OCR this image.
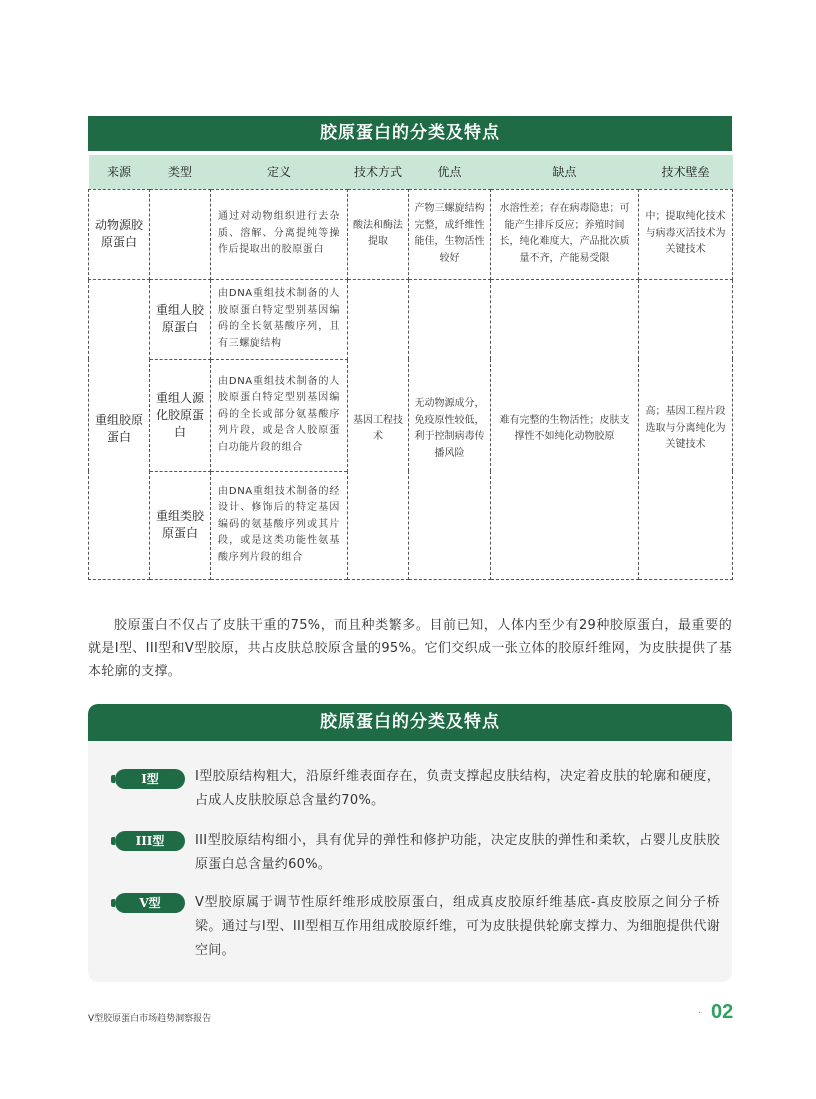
胶原蛋白的分类及特点
来源	类型	定义	技术方式	优点	缺点	技术壁垒
动物源胶原蛋白		通过对动物组织进行去杂质、溶解、分离提纯等操作后提取出的胶原蛋白	酸法和酶法提取	产物三螺旋结构完整，成纤维性能佳，生物活性较好	水溶性差；存在病毒隐患；可能产生排斥反应；养殖时间长，纯化难度大，产品批次质量不齐，产能易受限	中；提取纯化技术与病毒灭活技术为关键技术
重组胶原蛋白	重组人胶原蛋白	由DNA重组技术制备的人胶原蛋白特定型别基因编码的全长氨基酸序列，且有三螺旋结构	基因工程技术	无动物源成分，免疫原性较低，利于控制病毒传播风险	难有完整的生物活性；皮肤支撑性不如纯化动物胶原	高；基因工程片段选取与分离纯化为关键技术
	重组人源化胶原蛋白	由DNA重组技术制备的人胶原蛋白特定型别基因编码的全长或部分氨基酸序列片段，或是含人胶原蛋白功能片段的组合				
	重组类胶原蛋白	由DNA重组技术制备的经设计、修饰后的特定基因编码的氨基酸序列或其片段，或是这类功能性氨基酸序列片段的组合				

胶原蛋白不仅占了皮肤干重的75%，而且种类繁多。目前已知，人体内至少有29种胶原蛋白，最重要的就是I型、III型和V型胶原，共占皮肤总胶原含量的95%。它们交织成一张立体的胶原纤维网，为皮肤提供了基本轮廓的支撑。

胶原蛋白的分类及特点
I型	I型胶原结构粗大，沿原纤维表面存在，负责支撑起皮肤结构，决定着皮肤的轮廓和硬度，占成人皮肤胶原总含量约70%。

III型	III型胶原结构细小，具有优异的弹性和修护功能，决定皮肤的弹性和柔软，占婴儿皮肤胶原蛋白总含量约60%。

V型	V型胶原属于调节性原纤维形成胶原蛋白，组成真皮胶原纤维基底-真皮胶原之间分子桥梁。通过与I型、III型相互作用组成胶原纤维，可为皮肤提供轮廓支撑力、为细胞提供代谢空间。

V型胶原蛋白市场趋势洞察报告	· 02
